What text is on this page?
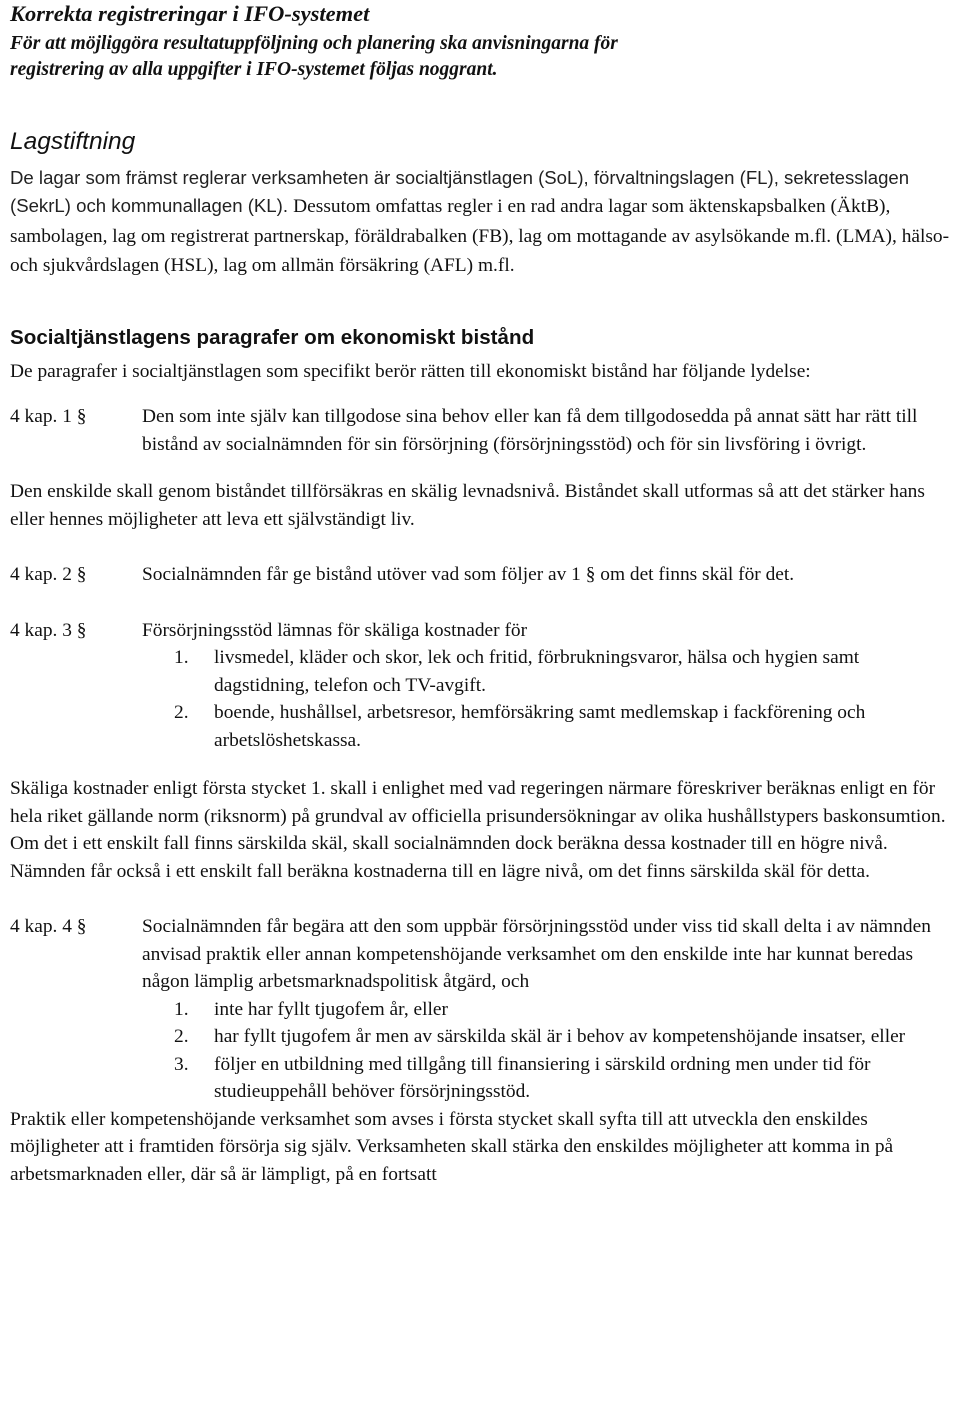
Korrekta registreringar i IFO-systemet

För att möjliggöra resultatuppföljning och planering ska anvisningarna för
registrering av alla uppgifter i IFO-systemet följas noggrant.

Lagstiftning

De lagar som främst reglerar verksamheten är socialtjänstlagen (SoL), förvaltningslagen (FL), sekretesslagen (SekrL) och kommunallagen (KL). Dessutom omfattas regler i en rad andra lagar som äktenskapsbalken (ÄktB), sambolagen, lag om registrerat partnerskap, föräldrabalken (FB), lag om mottagande av asylsökande m.fl. (LMA), hälso- och sjukvårdslagen (HSL), lag om allmän försäkring (AFL) m.fl.

Socialtjänstlagens paragrafer om ekonomiskt bistånd

De paragrafer i socialtjänstlagen som specifikt berör rätten till ekonomiskt bistånd har följande lydelse:

4 kap. 1 §	Den som inte själv kan tillgodose sina behov eller kan få dem tillgodosedda på annat sätt har rätt till bistånd av socialnämnden för sin försörjning (försörjningsstöd) och för sin livsföring i övrigt.

Den enskilde skall genom biståndet tillförsäkras en skälig levnadsnivå. Biståndet skall utformas så att det stärker hans eller hennes möjligheter att leva ett självständigt liv.

4 kap. 2 §	Socialnämnden får ge bistånd utöver vad som följer av 1 § om det finns skäl för det.
4 kap. 3 §	Försörjningsstöd lämnas för skäliga kostnader för

1.	livsmedel, kläder och skor, lek och fritid, förbrukningsvaror, hälsa och hygien samt dagstidning, telefon och TV-avgift.
2.	boende, hushållsel, arbetsresor, hemförsäkring samt medlemskap i fackförening och arbetslöshetskassa.

Skäliga kostnader enligt första stycket 1. skall i enlighet med vad regeringen närmare föreskriver beräknas enligt en för hela riket gällande norm (riksnorm) på grundval av officiella prisundersökningar av olika hushållstypers baskonsumtion. Om det i ett enskilt fall finns särskilda skäl, skall socialnämnden dock beräkna dessa kostnader till en högre nivå. Nämnden får också i ett enskilt fall beräkna kostnaderna till en lägre nivå, om det finns särskilda skäl för detta.

4 kap. 4 §	Socialnämnden får begära att den som uppbär försörjningsstöd under viss tid skall delta i av nämnden anvisad praktik eller annan kompetenshöjande verksamhet om den enskilde inte har kunnat beredas någon lämplig arbetsmarknadspolitisk åtgärd, och

1.	inte har fyllt tjugofem år, eller
2.	har fyllt tjugofem år men av särskilda skäl är i behov av kompetenshöjande insatser, eller
3.	följer en utbildning med tillgång till finansiering i särskild ordning men under tid för studieuppehåll behöver försörjningsstöd.

Praktik eller kompetenshöjande verksamhet som avses i första stycket skall syfta till att utveckla den enskildes möjligheter att i framtiden försörja sig själv. Verksamheten skall stärka den enskildes möjligheter att komma in på arbetsmarknaden eller, där så är lämpligt, på en fortsatt
